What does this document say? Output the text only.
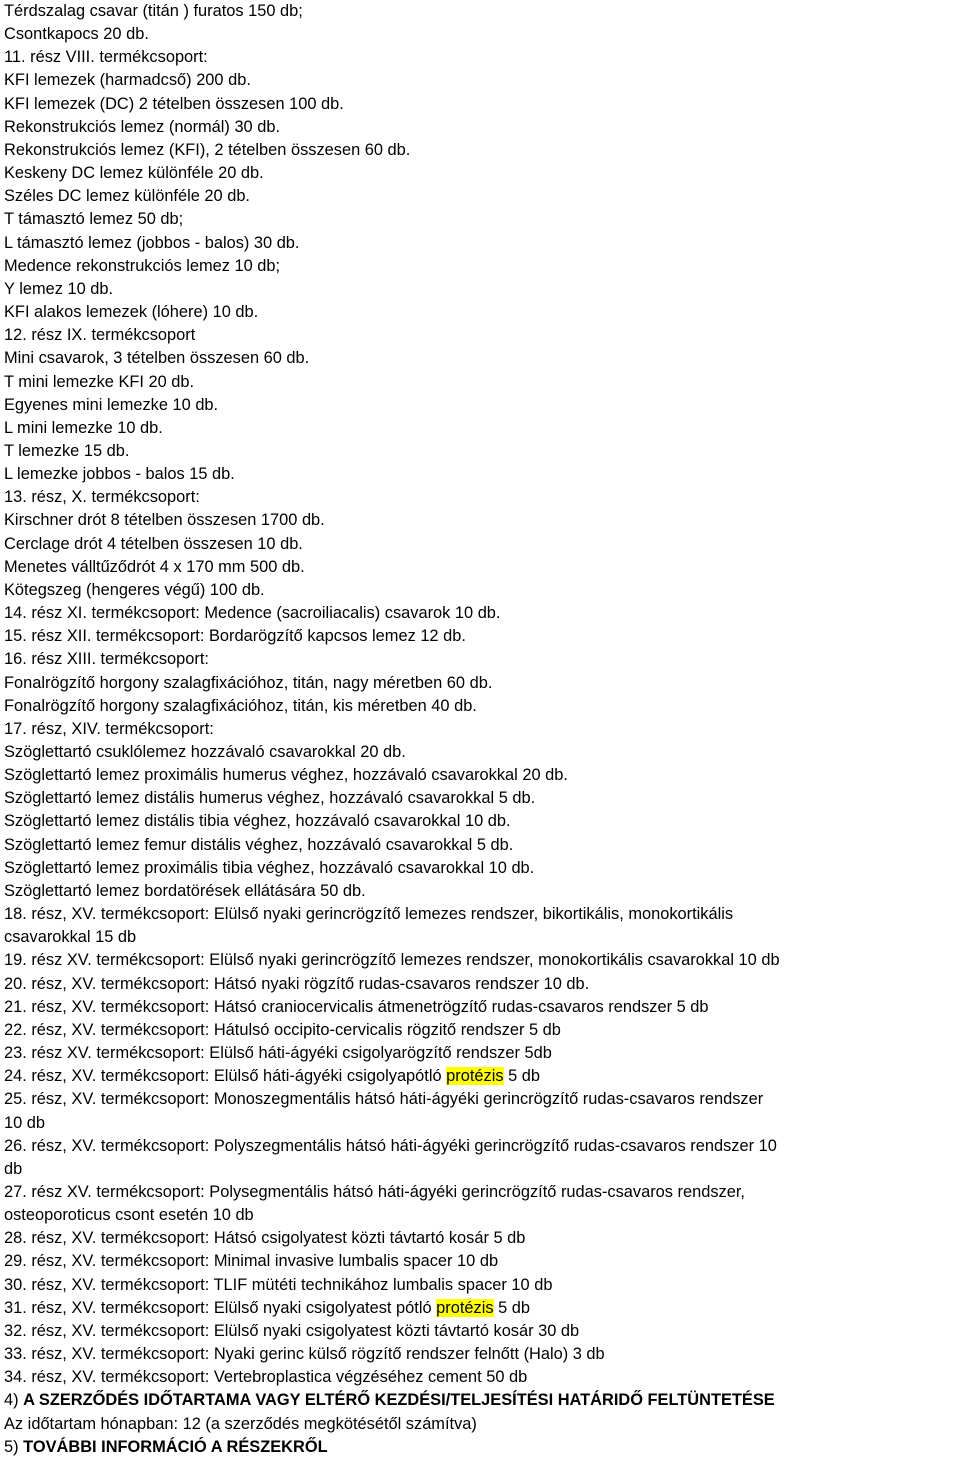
Térdszalag csavar (titán ) furatos 150 db;
Csontkapocs 20 db.
11. rész VIII. termékcsoport:
KFI lemezek (harmadcső) 200 db.
KFI lemezek (DC) 2 tételben összesen 100 db.
Rekonstrukciós lemez (normál) 30 db.
Rekonstrukciós lemez (KFI), 2 tételben összesen 60 db.
Keskeny DC lemez különféle 20 db.
Széles DC lemez különféle 20 db.
T támasztó lemez 50 db;
L támasztó lemez (jobbos - balos) 30 db.
Medence rekonstrukciós lemez 10 db;
Y lemez 10 db.
KFI alakos lemezek (lóhere) 10 db.
12. rész IX. termékcsoport
Mini csavarok, 3 tételben összesen 60 db.
T mini lemezke KFI 20 db.
Egyenes mini lemezke 10 db.
L mini lemezke 10 db.
T lemezke 15 db.
L lemezke jobbos - balos 15 db.
13. rész, X. termékcsoport:
Kirschner drót 8 tételben összesen 1700 db.
Cerclage drót 4 tételben összesen 10 db.
Menetes válltűződrót 4 x 170 mm 500 db.
Kötegszeg (hengeres végű) 100 db.
14. rész XI. termékcsoport: Medence (sacroiliacalis) csavarok 10 db.
15. rész XII. termékcsoport: Bordarögzítő kapcsos lemez 12 db.
16. rész XIII. termékcsoport:
Fonalrögzítő horgony szalagfixációhoz, titán, nagy méretben 60 db.
Fonalrögzítő horgony szalagfixációhoz, titán, kis méretben 40 db.
17. rész, XIV. termékcsoport:
Szöglettartó csuklólemez hozzávaló csavarokkal 20 db.
Szöglettartó lemez proximális humerus véghez, hozzávaló csavarokkal 20 db.
Szöglettartó lemez distális humerus véghez, hozzávaló csavarokkal 5 db.
Szöglettartó lemez distális tibia véghez, hozzávaló csavarokkal 10 db.
Szöglettartó lemez femur distális véghez, hozzávaló csavarokkal 5 db.
Szöglettartó lemez proximális tibia véghez, hozzávaló csavarokkal 10 db.
Szöglettartó lemez bordatörések ellátására 50 db.
18. rész, XV. termékcsoport: Elülső nyaki gerincrögzítő lemezes rendszer, bikortikális, monokortikális
csavarokkal 15 db
19. rész XV. termékcsoport: Elülső nyaki gerincrögzítő lemezes rendszer, monokortikális csavarokkal 10 db
20. rész, XV. termékcsoport: Hátsó nyaki rögzítő rudas-csavaros rendszer 10 db.
21. rész, XV. termékcsoport: Hátsó craniocervicalis átmenetrögzítő rudas-csavaros rendszer 5 db
22. rész, XV. termékcsoport: Hátulsó occipito-cervicalis rögzitő rendszer 5 db
23. rész XV. termékcsoport: Elülső háti-ágyéki csigolyarögzítő rendszer 5db
24. rész, XV. termékcsoport: Elülső háti-ágyéki csigolyapótló protézis 5 db
25. rész, XV. termékcsoport: Monoszegmentális hátsó háti-ágyéki gerincrögzítő rudas-csavaros rendszer
10 db
26. rész, XV. termékcsoport: Polyszegmentális hátsó háti-ágyéki gerincrögzítő rudas-csavaros rendszer 10
db
27. rész XV. termékcsoport: Polysegmentális hátsó háti-ágyéki gerincrögzítő rudas-csavaros rendszer,
osteoporoticus csont esetén 10 db
28. rész, XV. termékcsoport: Hátsó csigolyatest közti távtartó kosár 5 db
29. rész, XV. termékcsoport: Minimal invasive lumbalis spacer 10 db
30. rész, XV. termékcsoport: TLIF mütéti technikához lumbalis spacer 10 db
31. rész, XV. termékcsoport: Elülső nyaki csigolyatest pótló protézis 5 db
32. rész, XV. termékcsoport: Elülső nyaki csigolyatest közti távtartó kosár 30 db
33. rész, XV. termékcsoport: Nyaki gerinc külső rögzítő rendszer felnőtt (Halo) 3 db
34. rész, XV. termékcsoport: Vertebroplastica végzéséhez cement 50 db
4) A SZERZŐDÉS IDŐTARTAMA VAGY ELTÉRŐ KEZDÉSI/TELJESÍTÉSI HATÁRIDŐ FELTÜNTETÉSE
Az időtartam hónapban: 12 (a szerződés megkötésétől számítva)
5) TOVÁBBI INFORMÁCIÓ A RÉSZEKRŐL
